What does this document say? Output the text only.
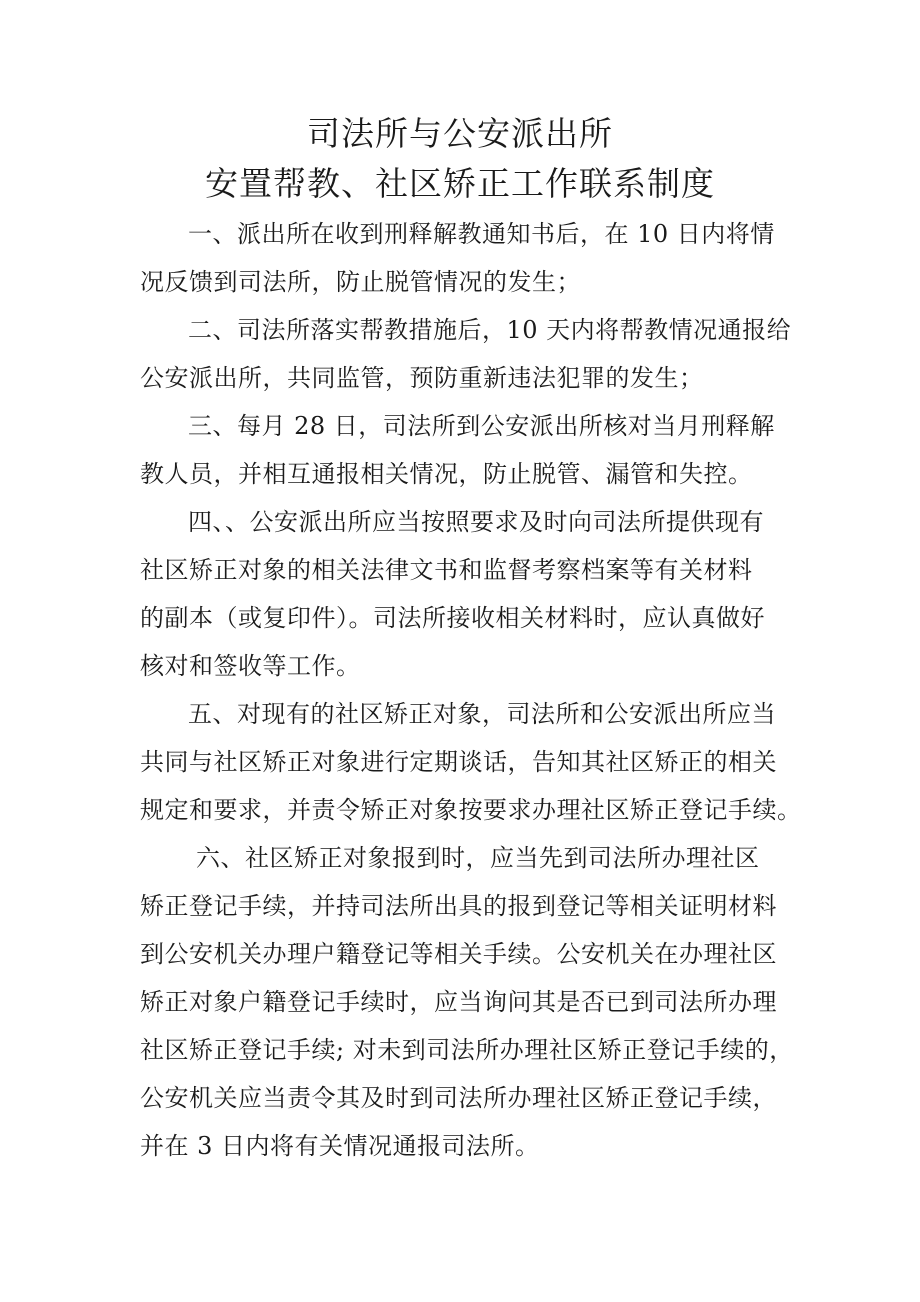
司法所与公安派出所
安置帮教、社区矫正工作联系制度
一、派出所在收到刑释解教通知书后，在 10 日内将情
况反馈到司法所，防止脱管情况的发生；
二、司法所落实帮教措施后，10 天内将帮教情况通报给
公安派出所，共同监管，预防重新违法犯罪的发生；
三、每月 28 日，司法所到公安派出所核对当月刑释解
教人员，并相互通报相关情况，防止脱管、漏管和失控。
四、、公安派出所应当按照要求及时向司法所提供现有
社区矫正对象的相关法律文书和监督考察档案等有关材料
的副本（或复印件）。司法所接收相关材料时，应认真做好
核对和签收等工作。
五、对现有的社区矫正对象，司法所和公安派出所应当
共同与社区矫正对象进行定期谈话，告知其社区矫正的相关
规定和要求，并责令矫正对象按要求办理社区矫正登记手续。
六、社区矫正对象报到时，应当先到司法所办理社区
矫正登记手续，并持司法所出具的报到登记等相关证明材料
到公安机关办理户籍登记等相关手续。公安机关在办理社区
矫正对象户籍登记手续时，应当询问其是否已到司法所办理
社区矫正登记手续; 对未到司法所办理社区矫正登记手续的，
公安机关应当责令其及时到司法所办理社区矫正登记手续，
并在 3 日内将有关情况通报司法所。
